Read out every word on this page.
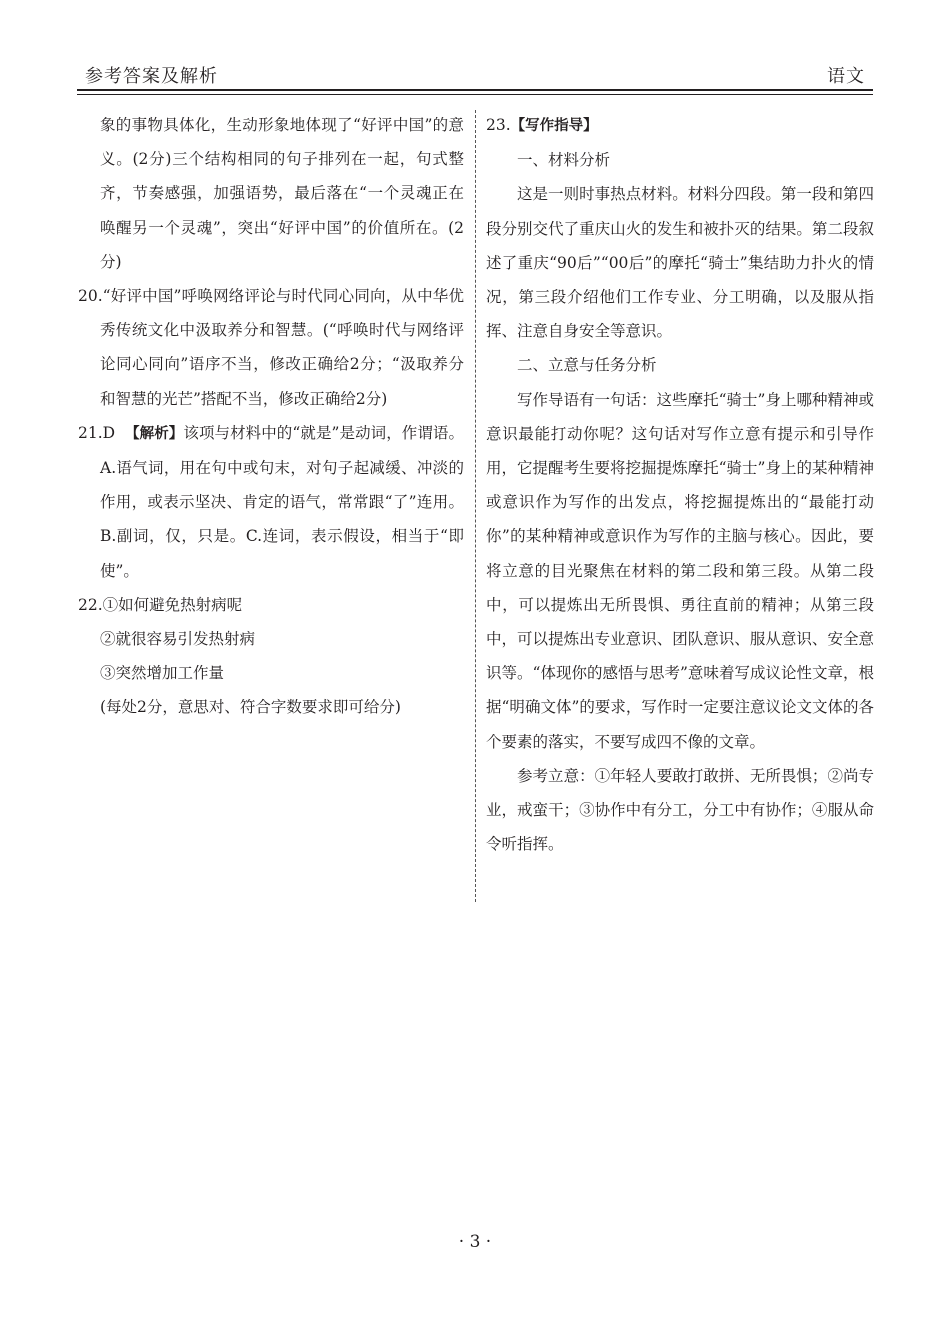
参考答案及解析	语文

象的事物具体化，生动形象地体现了“好评中国”的意义。(2分)三个结构相同的句子排列在一起，句式整齐，节奏感强，加强语势，最后落在“一个灵魂正在唤醒另一个灵魂”，突出“好评中国”的价值所在。(2分)

20.“好评中国”呼唤网络评论与时代同心同向，从中华优秀传统文化中汲取养分和智慧。(“呼唤时代与网络评论同心同向”语序不当，修改正确给2分；“汲取养分和智慧的光芒”搭配不当，修改正确给2分)

21.D 【解析】该项与材料中的“就是”是动词，作谓语。A.语气词，用在句中或句末，对句子起减缓、冲淡的作用，或表示坚决、肯定的语气，常常跟“了”连用。B.副词，仅，只是。C.连词，表示假设，相当于“即使”。

22.①如何避免热射病呢

②就很容易引发热射病

③突然增加工作量

(每处2分，意思对、符合字数要求即可给分)

23.【写作指导】

一、材料分析

这是一则时事热点材料。材料分四段。第一段和第四段分别交代了重庆山火的发生和被扑灭的结果。第二段叙述了重庆“90后”“00后”的摩托“骑士”集结助力扑火的情况，第三段介绍他们工作专业、分工明确，以及服从指挥、注意自身安全等意识。

二、立意与任务分析

写作导语有一句话：这些摩托“骑士”身上哪种精神或意识最能打动你呢？这句话对写作立意有提示和引导作用，它提醒考生要将挖掘提炼摩托“骑士”身上的某种精神或意识作为写作的出发点，将挖掘提炼出的“最能打动你”的某种精神或意识作为写作的主脑与核心。因此，要将立意的目光聚焦在材料的第二段和第三段。从第二段中，可以提炼出无所畏惧、勇往直前的精神；从第三段中，可以提炼出专业意识、团队意识、服从意识、安全意识等。“体现你的感悟与思考”意味着写成议论性文章，根据“明确文体”的要求，写作时一定要注意议论文文体的各个要素的落实，不要写成四不像的文章。

参考立意：①年轻人要敢打敢拼、无所畏惧；②尚专业，戒蛮干；③协作中有分工，分工中有协作；④服从命令听指挥。

· 3 ·
